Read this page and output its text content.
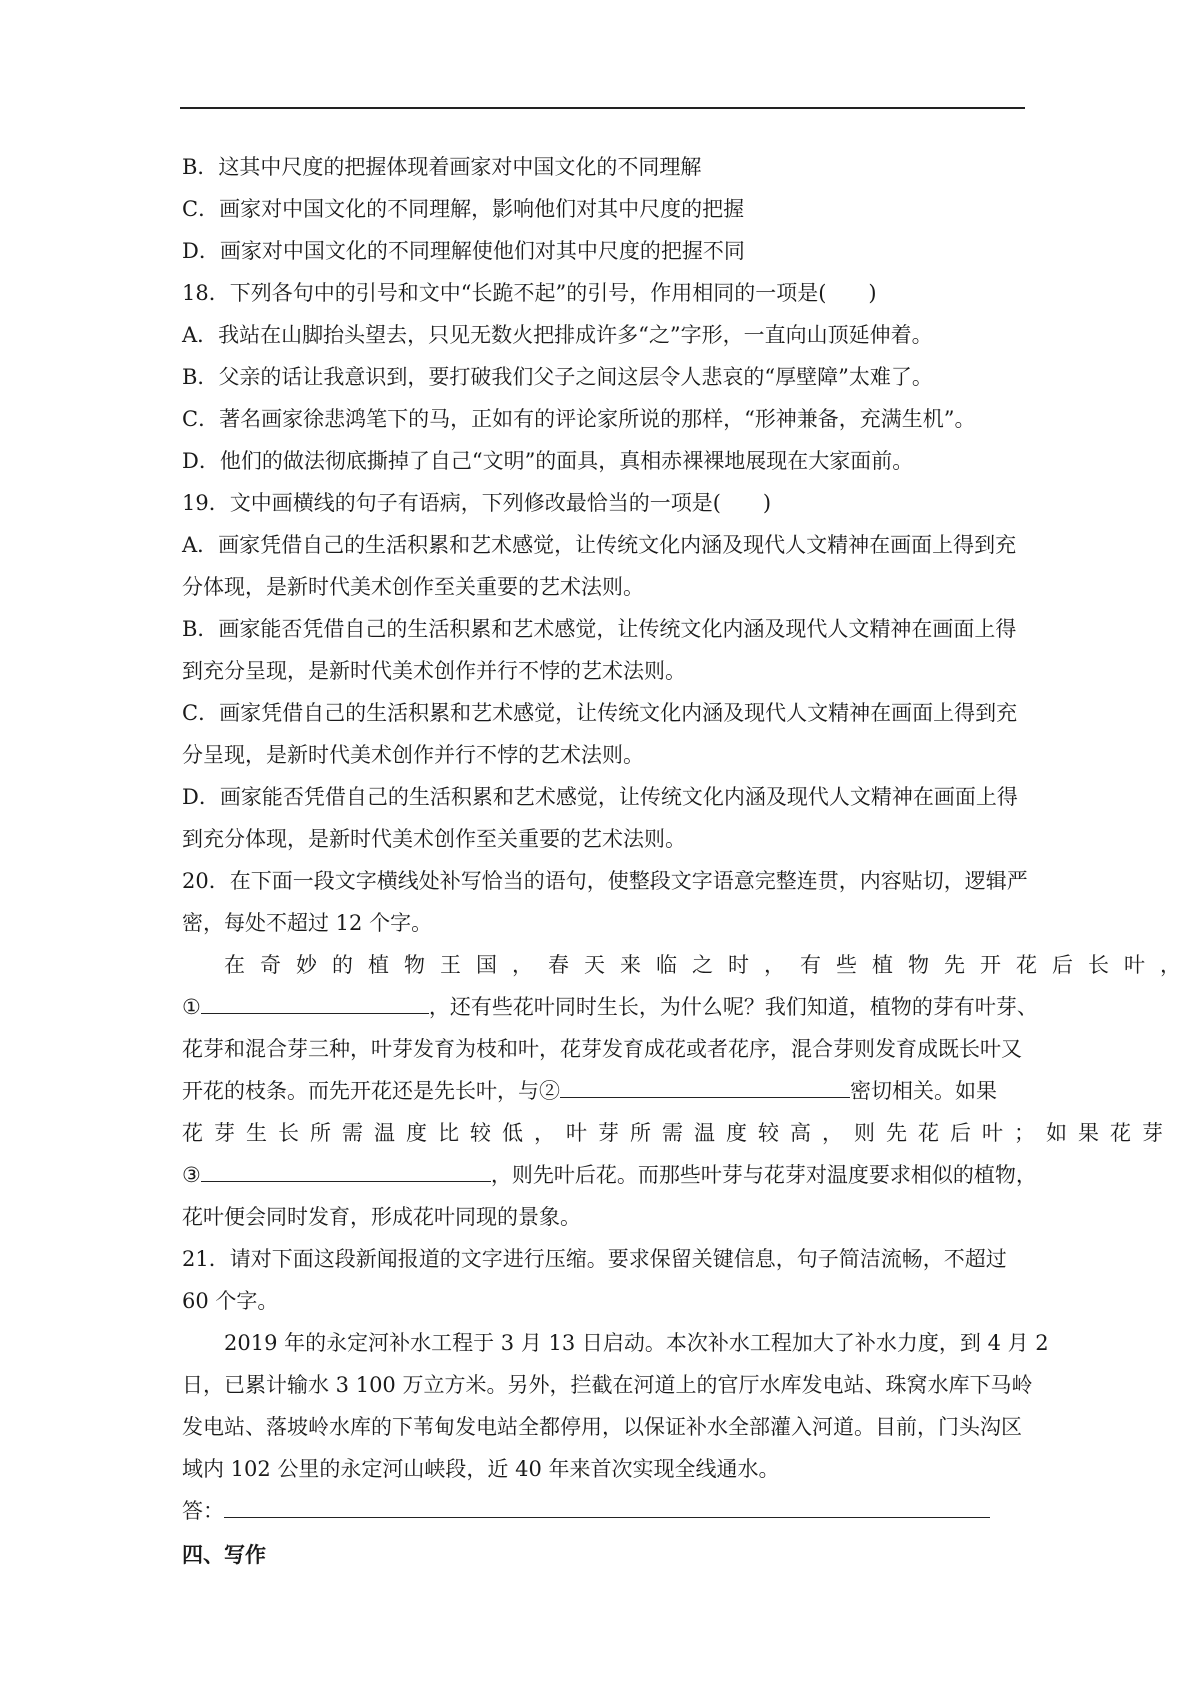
B．这其中尺度的把握体现着画家对中国文化的不同理解

C．画家对中国文化的不同理解，影响他们对其中尺度的把握

D．画家对中国文化的不同理解使他们对其中尺度的把握不同

18．下列各句中的引号和文中“长跪不起”的引号，作用相同的一项是(　　)

A．我站在山脚抬头望去，只见无数火把排成许多“之”字形，一直向山顶延伸着。

B．父亲的话让我意识到，要打破我们父子之间这层令人悲哀的“厚壁障”太难了。

C．著名画家徐悲鸿笔下的马，正如有的评论家所说的那样，“形神兼备，充满生机”。

D．他们的做法彻底撕掉了自己“文明”的面具，真相赤裸裸地展现在大家面前。

19．文中画横线的句子有语病，下列修改最恰当的一项是(　　)

A．画家凭借自己的生活积累和艺术感觉，让传统文化内涵及现代人文精神在画面上得到充

分体现，是新时代美术创作至关重要的艺术法则。

B．画家能否凭借自己的生活积累和艺术感觉，让传统文化内涵及现代人文精神在画面上得

到充分呈现，是新时代美术创作并行不悖的艺术法则。

C．画家凭借自己的生活积累和艺术感觉，让传统文化内涵及现代人文精神在画面上得到充

分呈现，是新时代美术创作并行不悖的艺术法则。

D．画家能否凭借自己的生活积累和艺术感觉，让传统文化内涵及现代人文精神在画面上得

到充分体现，是新时代美术创作至关重要的艺术法则。

20．在下面一段文字横线处补写恰当的语句，使整段文字语意完整连贯，内容贴切，逻辑严

密，每处不超过 12 个字。

在奇妙的植物王国，春天来临之时，有些植物先开花后长叶，

①	，还有些花叶同时生长，为什么呢？我们知道，植物的芽有叶芽、

花芽和混合芽三种，叶芽发育为枝和叶，花芽发育成花或者花序，混合芽则发育成既长叶又

开花的枝条。而先开花还是先长叶，与②	密切相关。如果

花芽生长所需温度比较低，叶芽所需温度较高，则先花后叶；如果花芽

③	，则先叶后花。而那些叶芽与花芽对温度要求相似的植物，

花叶便会同时发育，形成花叶同现的景象。

21．请对下面这段新闻报道的文字进行压缩。要求保留关键信息，句子简洁流畅，不超过

60 个字。

2019 年的永定河补水工程于 3 月 13 日启动。本次补水工程加大了补水力度，到 4 月 2

日，已累计输水 3 100 万立方米。另外，拦截在河道上的官厅水库发电站、珠窝水库下马岭

发电站、落坡岭水库的下苇甸发电站全都停用，以保证补水全部灌入河道。目前，门头沟区

域内 102 公里的永定河山峡段，近 40 年来首次实现全线通水。

答：

四、写作
